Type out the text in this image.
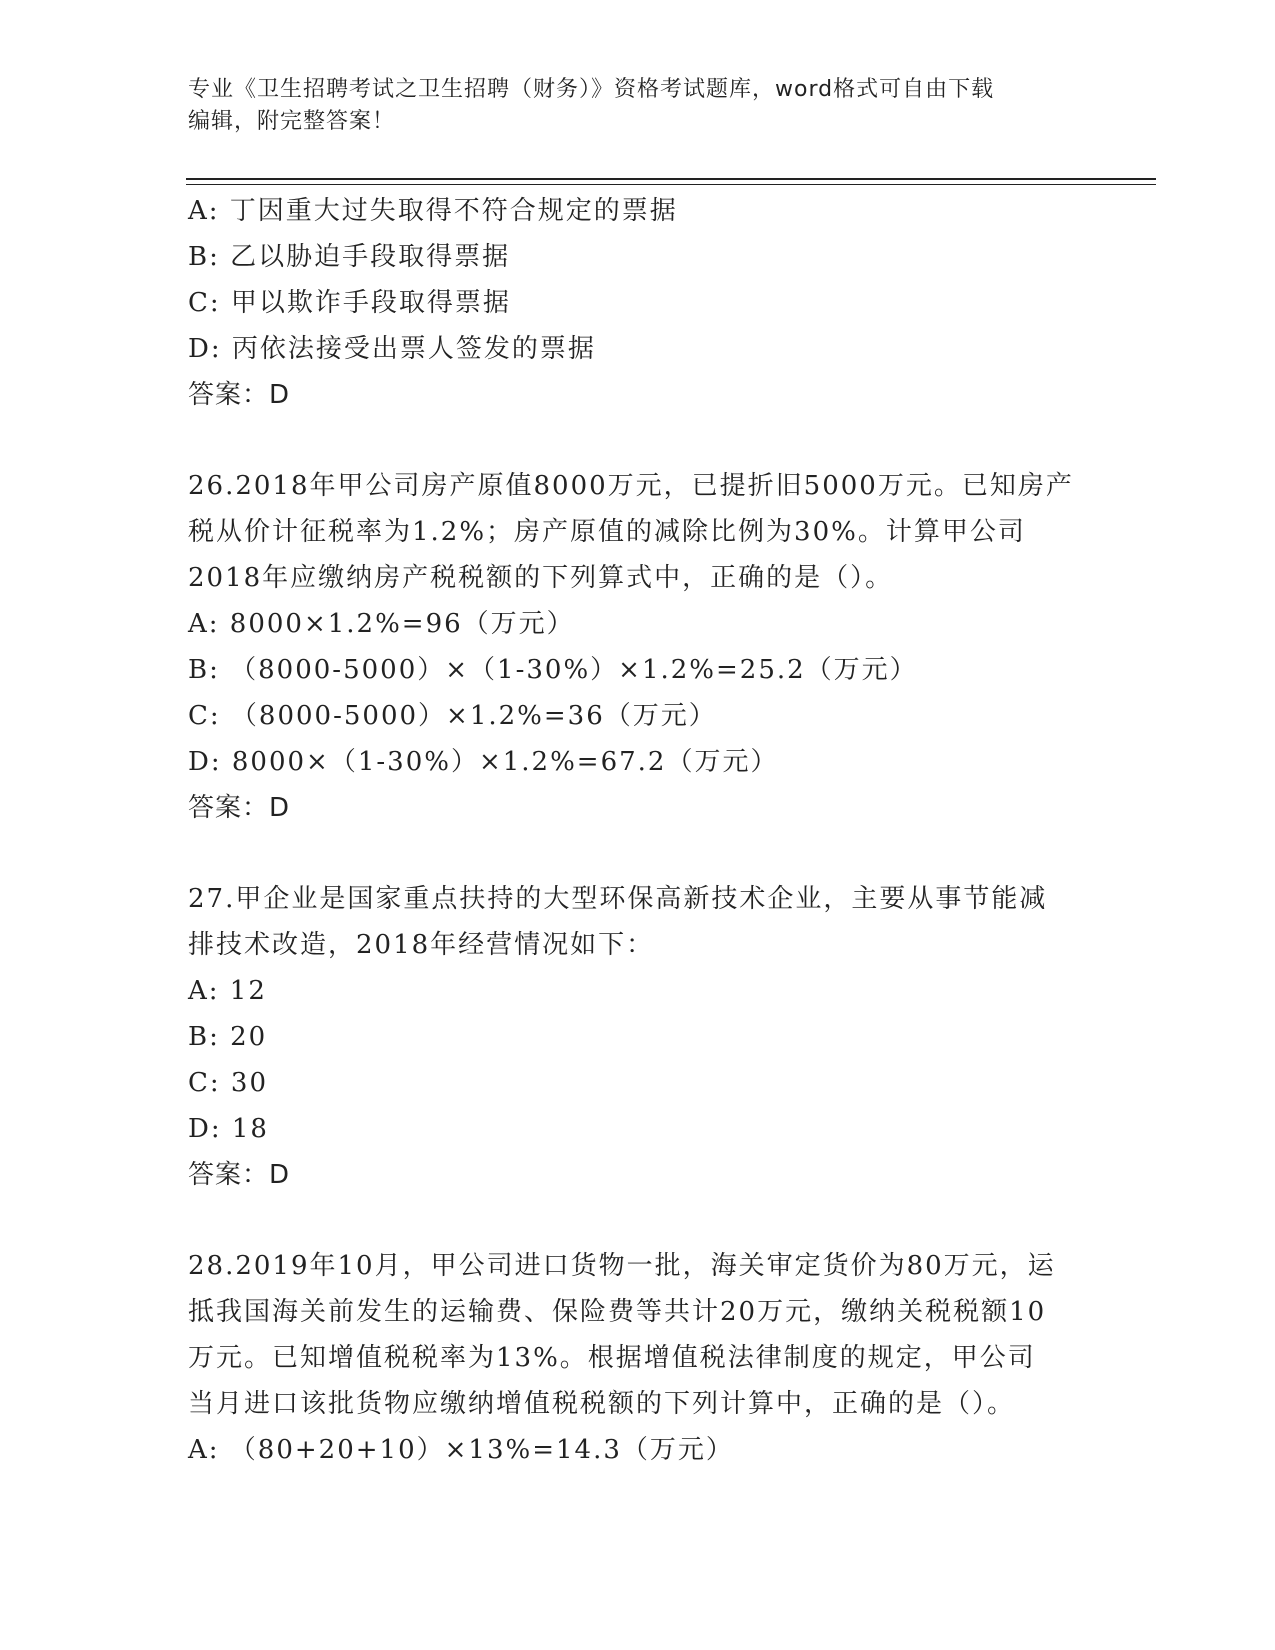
专业《卫生招聘考试之卫生招聘（财务）》资格考试题库，word格式可自由下载
编辑，附完整答案！
A: 丁因重大过失取得不符合规定的票据
B: 乙以胁迫手段取得票据
C: 甲以欺诈手段取得票据
D: 丙依法接受出票人签发的票据
答案：D
26.2018年甲公司房产原值8000万元，已提折旧5000万元。已知房产
税从价计征税率为1.2%；房产原值的减除比例为30%。计算甲公司
2018年应缴纳房产税税额的下列算式中，正确的是（）。
A: 8000×1.2%=96（万元）
B: （8000-5000）×（1-30%）×1.2%=25.2（万元）
C: （8000-5000）×1.2%=36（万元）
D: 8000×（1-30%）×1.2%=67.2（万元）
答案：D
27.甲企业是国家重点扶持的大型环保高新技术企业，主要从事节能减
排技术改造，2018年经营情况如下：
A: 12
B: 20
C: 30
D: 18
答案：D
28.2019年10月，甲公司进口货物一批，海关审定货价为80万元，运
抵我国海关前发生的运输费、保险费等共计20万元，缴纳关税税额10
万元。已知增值税税率为13%。根据增值税法律制度的规定，甲公司
当月进口该批货物应缴纳增值税税额的下列计算中，正确的是（）。
A: （80+20+10）×13%=14.3（万元）
